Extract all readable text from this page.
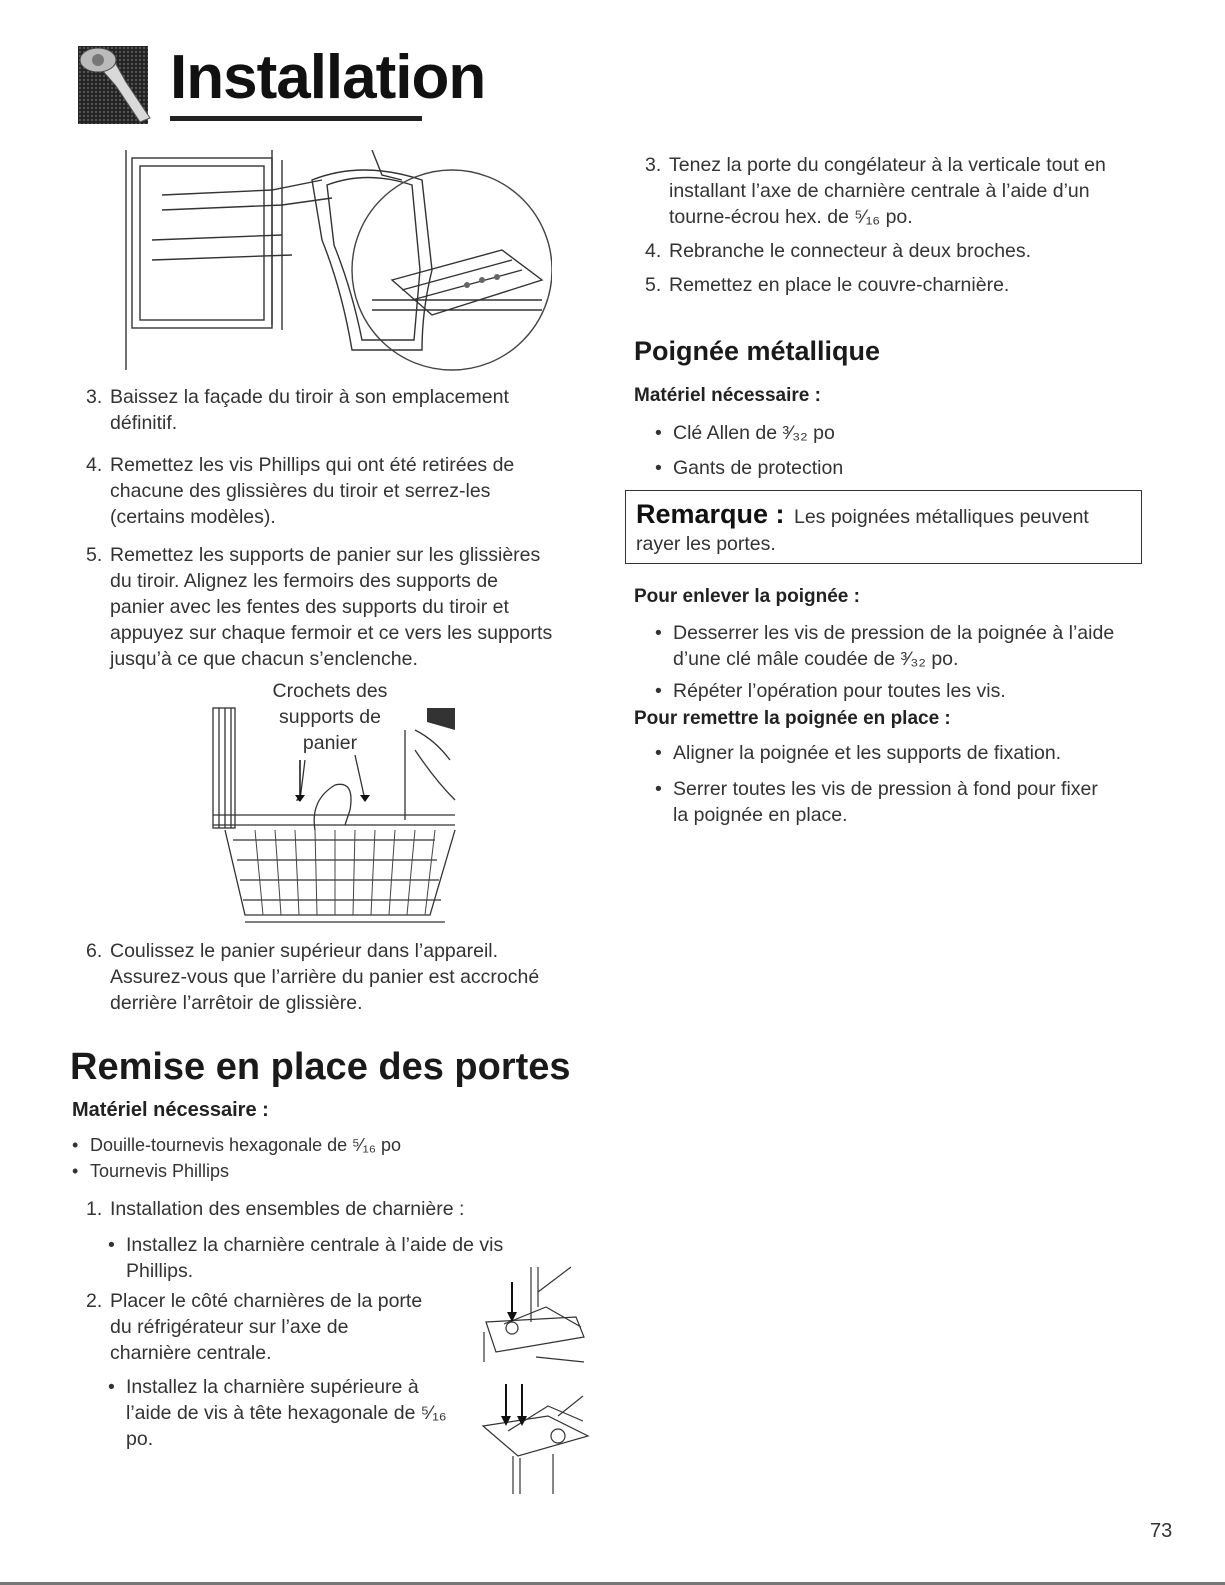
Installation
3. Baissez la façade du tiroir à son emplacement
définitif.
4. Remettez les vis Phillips qui ont été retirées de
chacune des glissières du tiroir et serrez-les
(certains modèles).
5. Remettez les supports de panier sur les glissières
du tiroir. Alignez les fermoirs des supports de
panier avec les fentes des supports du tiroir et
appuyez sur chaque fermoir et ce vers les supports
jusqu’à ce que chacun s’enclenche.
Crochets des
supports de
panier
6. Coulissez le panier supérieur dans l’appareil.
Assurez-vous que l’arrière du panier est accroché
derrière l’arrêtoir de glissière.
Remise en place des portes
Matériel nécessaire :
• Douille-tournevis hexagonale de ⁵⁄₁₆ po
• Tournevis Phillips
1. Installation des ensembles de charnière :
• Installez la charnière centrale à l’aide de vis
Phillips.
2. Placer le côté charnières de la porte
du réfrigérateur sur l’axe de
charnière centrale.
• Installez la charnière supérieure à
l’aide de vis à tête hexagonale de ⁵⁄₁₆
po.
3. Tenez la porte du congélateur à la verticale tout en
installant l’axe de charnière centrale à l’aide d’un
tourne-écrou hex. de ⁵⁄₁₆ po.
4. Rebranche le connecteur à deux broches.
5. Remettez en place le couvre-charnière.
Poignée métallique
Matériel nécessaire :
• Clé Allen de ³⁄₃₂ po
• Gants de protection
Remarque : Les poignées métalliques peuvent
rayer les portes.
Pour enlever la poignée :
• Desserrer les vis de pression de la poignée à l’aide
d’une clé mâle coudée de ³⁄₃₂ po.
• Répéter l’opération pour toutes les vis.
Pour remettre la poignée en place :
• Aligner la poignée et les supports de fixation.
• Serrer toutes les vis de pression à fond pour fixer
la poignée en place.
73
